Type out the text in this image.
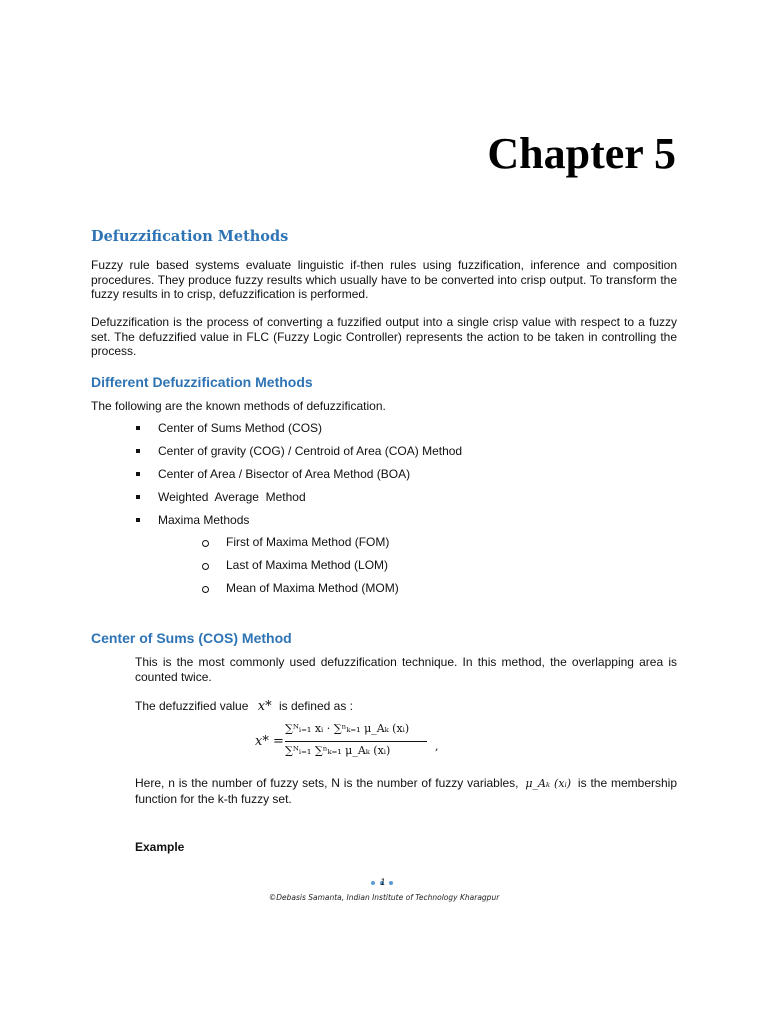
Chapter 5
Defuzzification Methods

Fuzzy rule based systems evaluate linguistic if-then rules using fuzzification, inference and composition procedures. They produce fuzzy results which usually have to be converted into crisp output. To transform the fuzzy results in to crisp, defuzzification is performed.

Defuzzification is the process of converting a fuzzified output into a single crisp value with respect to a fuzzy set. The defuzzified value in FLC (Fuzzy Logic Controller) represents the action to be taken in controlling the process.

Different Defuzzification Methods
The following are the known methods of defuzzification.
Center of Sums Method (COS)
Center of gravity (COG) / Centroid of Area (COA) Method
Center of Area / Bisector of Area Method (BOA)
Weighted  Average  Method
Maxima Methods
First of Maxima Method (FOM)
Last of Maxima Method (LOM)
Mean of Maxima Method (MOM)
Center of Sums (COS) Method

This is the most commonly used defuzzification technique. In this method, the overlapping area is counted twice.

The defuzzified value x* is defined as :
x* =
∑ᴺᵢ₌₁ xᵢ · ∑ⁿₖ₌₁ μ_Aₖ (xᵢ)
∑ᴺᵢ₌₁ ∑ⁿₖ₌₁ μ_Aₖ (xᵢ)	,

Here, n is the number of fuzzy sets, N is the number of fuzzy variables, μ_Aₖ (xᵢ) is the membership function for the k-th fuzzy set.

Example
1
©Debasis Samanta, Indian Institute of Technology Kharagpur
